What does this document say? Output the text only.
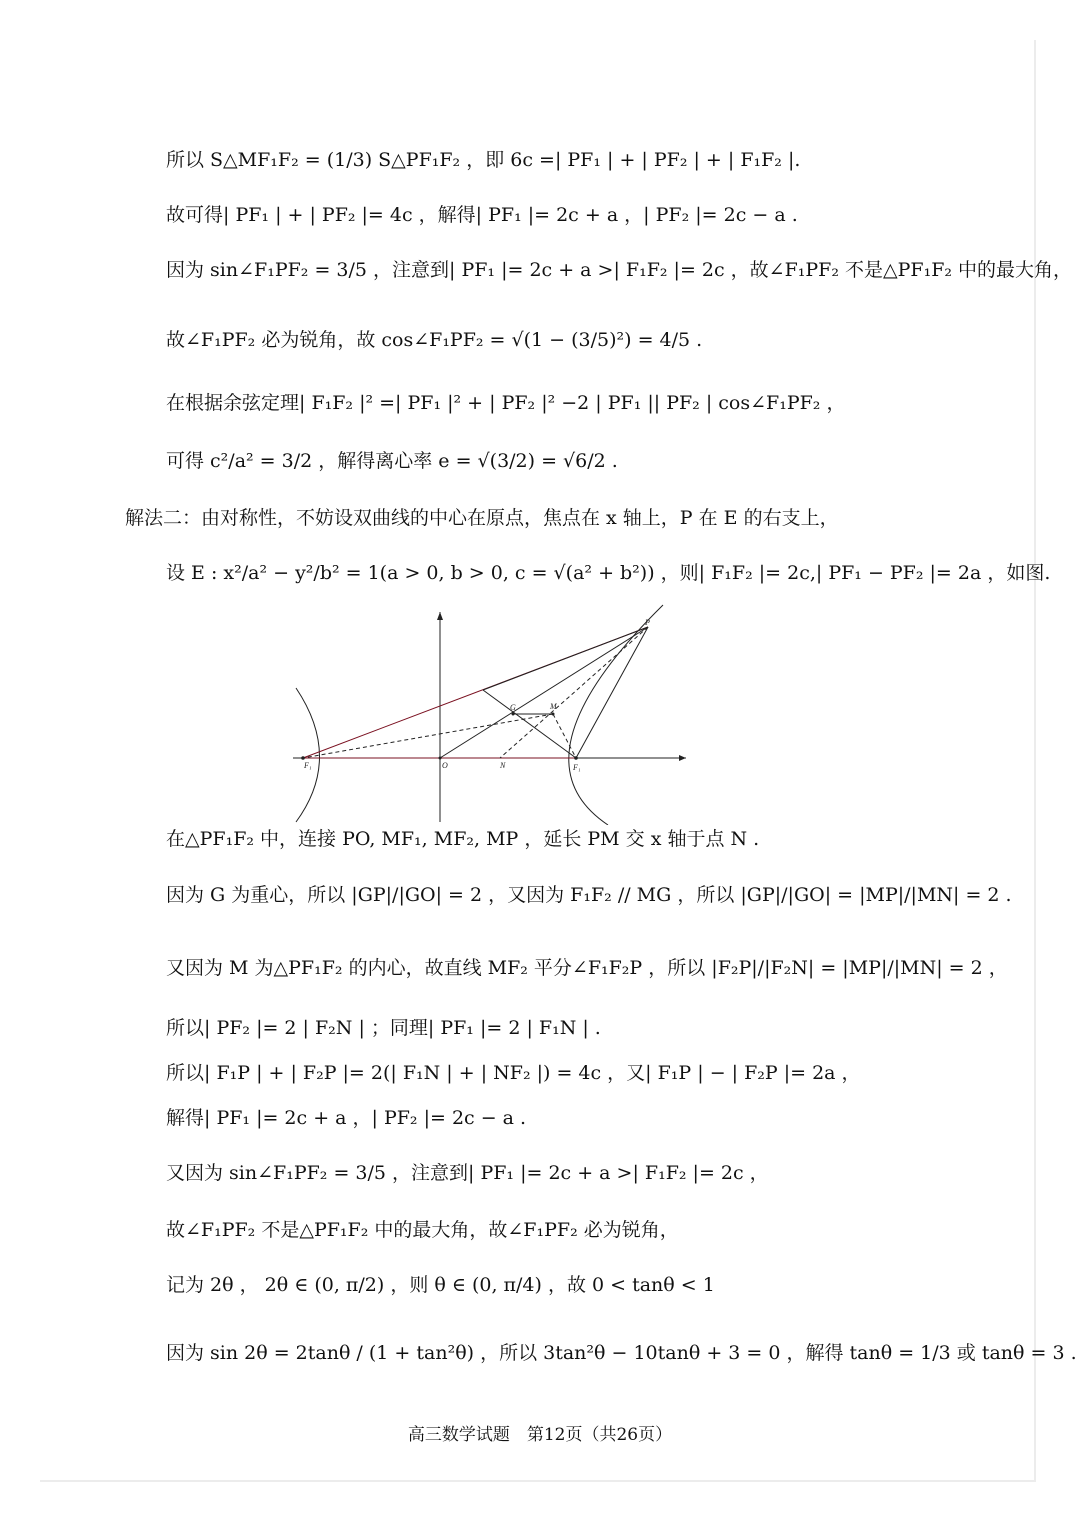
所以 S△MF₁F₂ = (1/3) S△PF₁F₂ ，即 6c =| PF₁ | + | PF₂ | + | F₁F₂ |.
故可得| PF₁ | + | PF₂ |= 4c ，解得| PF₁ |= 2c + a ，| PF₂ |= 2c − a .
因为 sin∠F₁PF₂ = 3/5 ，注意到| PF₁ |= 2c + a >| F₁F₂ |= 2c ，故∠F₁PF₂ 不是△PF₁F₂ 中的最大角，
故∠F₁PF₂ 必为锐角，故 cos∠F₁PF₂ = √(1 − (3/5)²) = 4/5 .
在根据余弦定理| F₁F₂ |² =| PF₁ |² + | PF₂ |² −2 | PF₁ || PF₂ | cos∠F₁PF₂ ，
可得 c²/a² = 3/2 ，解得离心率 e = √(3/2) = √6/2 .
解法二：由对称性，不妨设双曲线的中心在原点，焦点在 x 轴上，P 在 E 的右支上，
设 E : x²/a² − y²/b² = 1(a > 0, b > 0, c = √(a² + b²)) ，则| F₁F₂ |= 2c,| PF₁ − PF₂ |= 2a ，如图.
P
G	M
F₁	O	N	F₁
在△PF₁F₂ 中，连接 PO, MF₁, MF₂, MP ，延长 PM 交 x 轴于点 N .
因为 G 为重心，所以 |GP|/|GO| = 2 ，又因为 F₁F₂ // MG ，所以 |GP|/|GO| = |MP|/|MN| = 2 .
又因为 M 为△PF₁F₂ 的内心，故直线 MF₂ 平分∠F₁F₂P ，所以 |F₂P|/|F₂N| = |MP|/|MN| = 2 ，
所以| PF₂ |= 2 | F₂N | ；同理| PF₁ |= 2 | F₁N | .
所以| F₁P | + | F₂P |= 2(| F₁N | + | NF₂ |) = 4c ，又| F₁P | − | F₂P |= 2a ，
解得| PF₁ |= 2c + a ，| PF₂ |= 2c − a .
又因为 sin∠F₁PF₂ = 3/5 ，注意到| PF₁ |= 2c + a >| F₁F₂ |= 2c ，
故∠F₁PF₂ 不是△PF₁F₂ 中的最大角，故∠F₁PF₂ 必为锐角，
记为 2θ ， 2θ ∈ (0, π/2) ，则 θ ∈ (0, π/4) ，故 0 < tanθ < 1
因为 sin 2θ = 2tanθ / (1 + tan²θ) ，所以 3tan²θ − 10tanθ + 3 = 0 ，解得 tanθ = 1/3 或 tanθ = 3 .
高三数学试题　第12页（共26页）
